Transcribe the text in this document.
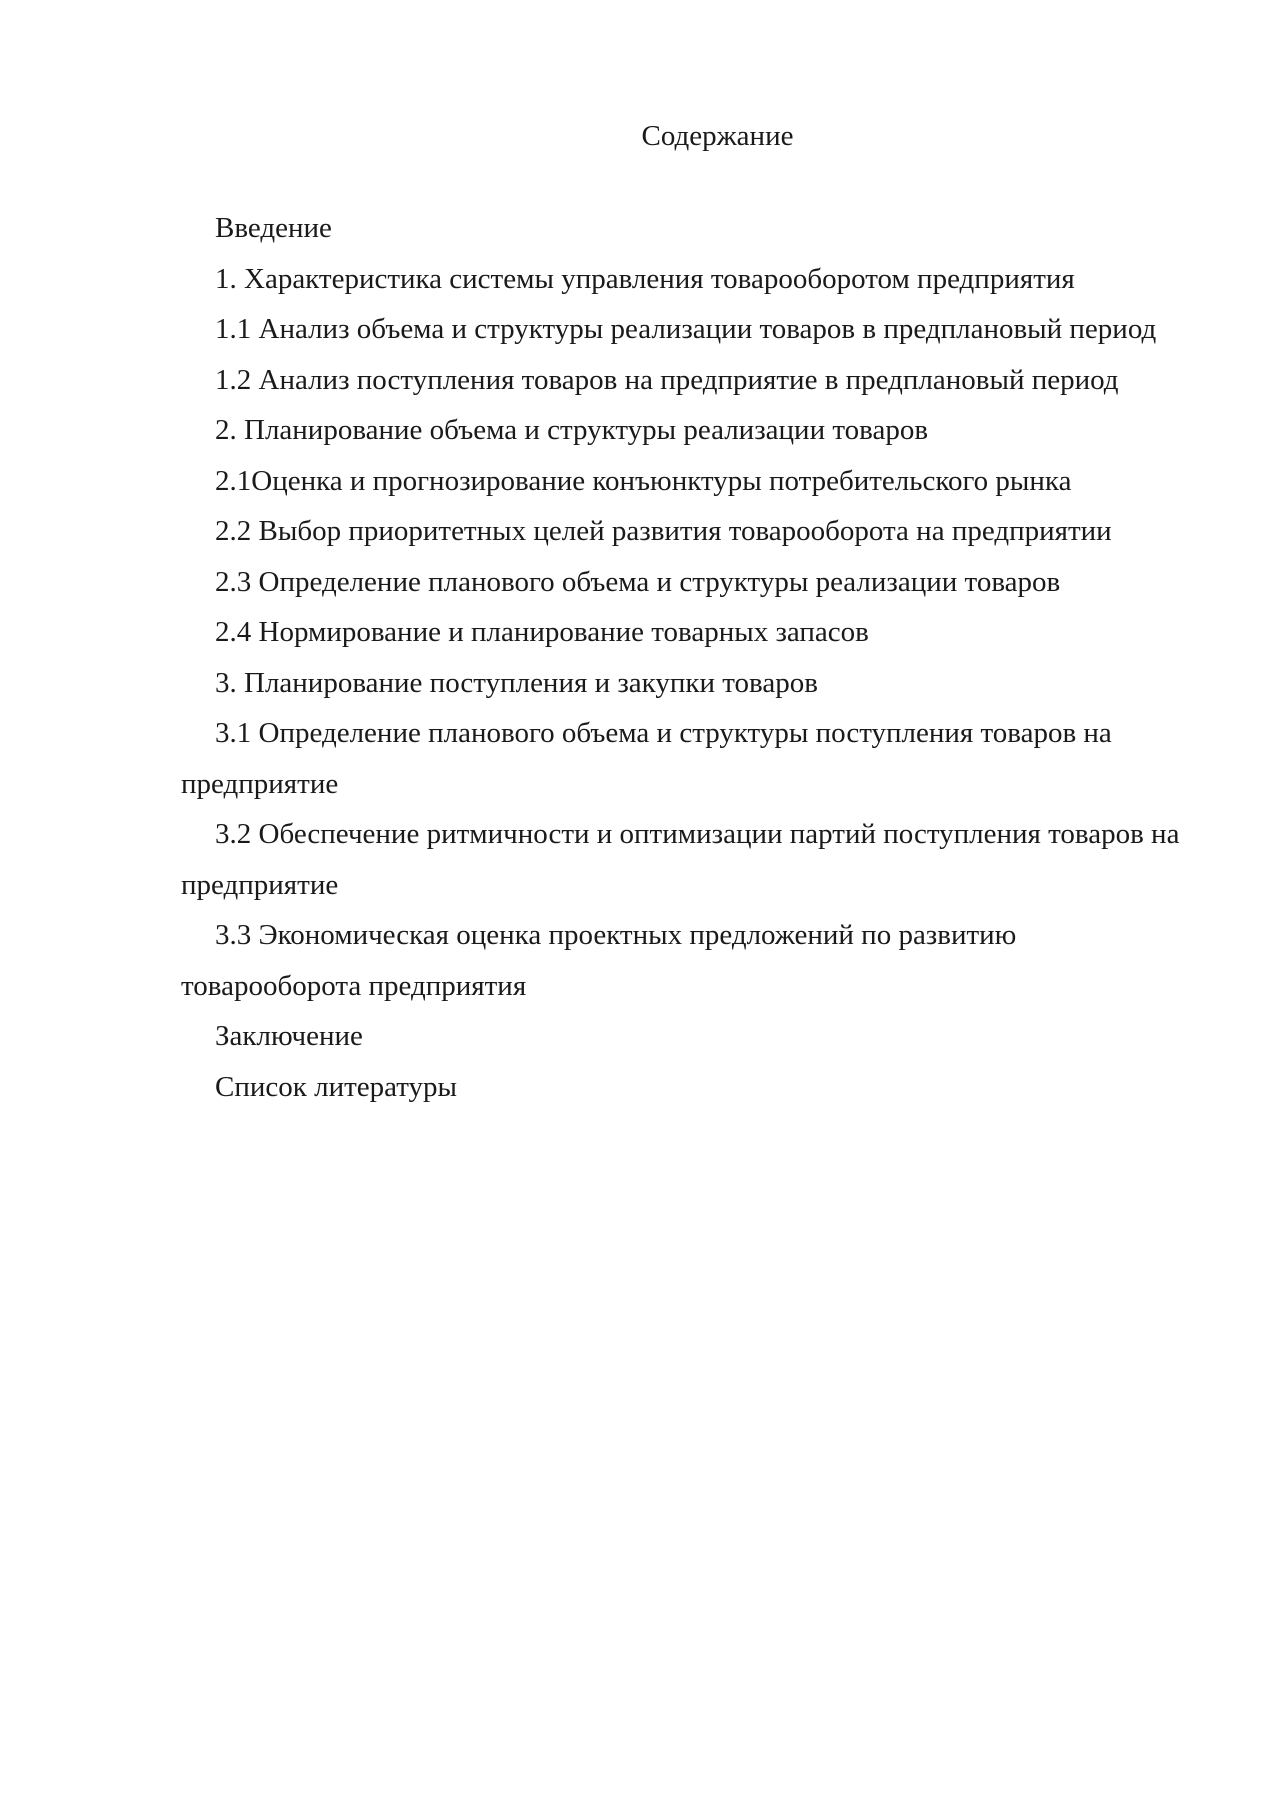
Содержание
Введение
1. Характеристика системы управления товарооборотом предприятия
1.1 Анализ объема и структуры реализации товаров в предплановый период
1.2 Анализ поступления товаров на предприятие в предплановый период
2. Планирование объема и структуры реализации товаров
2.1Оценка и прогнозирование конъюнктуры потребительского рынка
2.2 Выбор приоритетных целей развития товарооборота на предприятии
2.3 Определение планового объема и структуры реализации товаров
2.4 Нормирование и планирование товарных запасов
3. Планирование поступления и закупки товаров
3.1 Определение планового объема и структуры поступления товаров на предприятие
3.2 Обеспечение ритмичности и оптимизации партий поступления товаров на предприятие
3.3 Экономическая оценка проектных предложений по развитию товарооборота предприятия
Заключение
Список литературы
